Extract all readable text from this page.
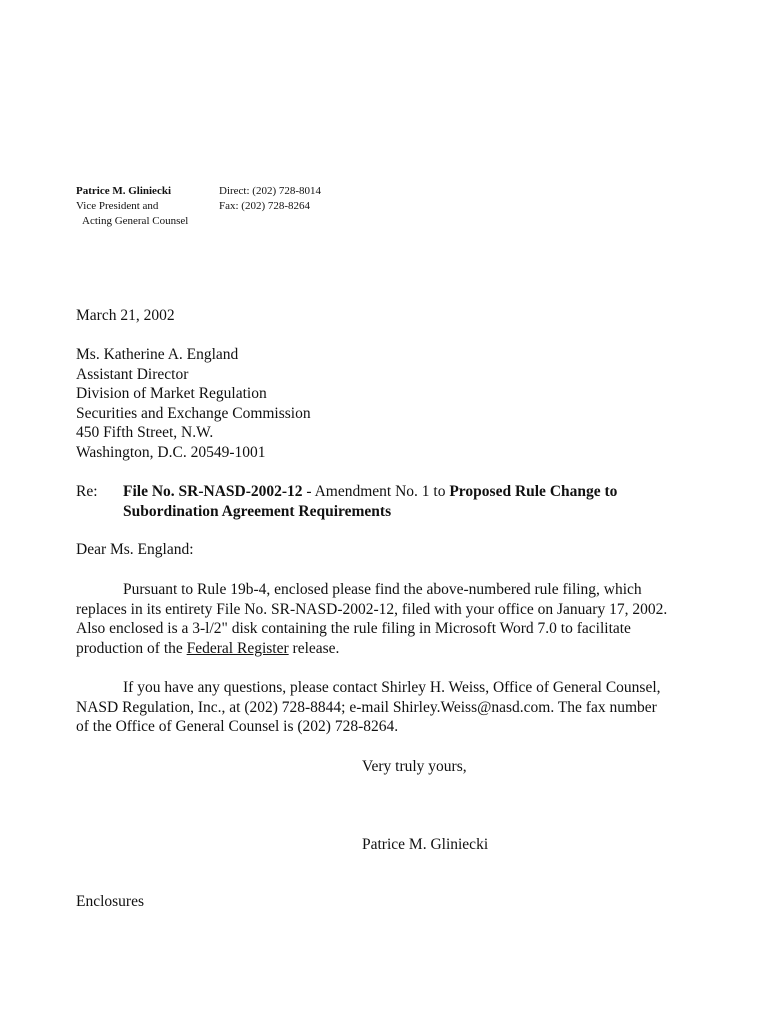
Patrice M. Gliniecki
Vice President and
Acting General Counsel
Direct: (202) 728-8014
Fax: (202) 728-8264
March 21, 2002
Ms. Katherine A. England
Assistant Director
Division of Market Regulation
Securities and Exchange Commission
450 Fifth Street, N.W.
Washington, D.C. 20549-1001
Re: File No. SR-NASD-2002-12 - Amendment No. 1 to Proposed Rule Change to
Subordination Agreement Requirements
Dear Ms. England:
Pursuant to Rule 19b-4, enclosed please find the above-numbered rule filing, which
replaces in its entirety File No. SR-NASD-2002-12, filed with your office on January 17, 2002.
Also enclosed is a 3-l/2" disk containing the rule filing in Microsoft Word 7.0 to facilitate
production of the Federal Register release.
If you have any questions, please contact Shirley H. Weiss, Office of General Counsel,
NASD Regulation, Inc., at (202) 728-8844; e-mail Shirley.Weiss@nasd.com. The fax number
of the Office of General Counsel is (202) 728-8264.
Very truly yours,
Patrice M. Gliniecki
Enclosures
